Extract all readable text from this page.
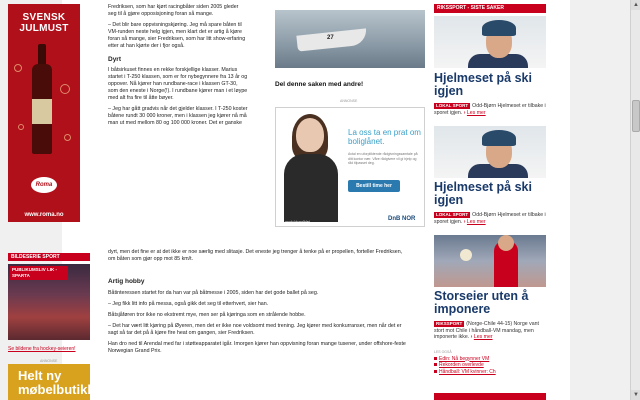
SVENSK JULMUST
Roma
www.roma.no
BILDESERIE SPORT
PUBLIKUMSLIV LIK - SPARTA
Se bildene fra hockey-seieren!
ANNONSE
Helt ny møbelbutikk!

Fredriksen, som har kjørt racingbåter siden 2005 gleder seg til å gjøre opposisjoning foran så mange.

– Det blir bare oppvisningskjøring. Jeg må spare båten til VM-runden neste helg igjen, men klart det er artig å kjøre foran så mange, sier Fredriksen, som har litt show-erfaring etter at han kjørte der i fjor også.

Dyrt

I båtsirkuset finnes en rekke forskjellige klasser. Marius startet i T-250 klassen, som er for nybegynnere fra 13 år og oppover. Nå kjører han rundbane-race i klassen GT-30, som den eneste i Norge(!). I rundbane kjører man i et løype med alt fra fire til åtte bøyer.

– Jeg har gått gradvis når det gjelder klasser. I T-250 koster båtene rundt 30 000 kroner, men i klassen jeg kjører nå må man ut med mellom 80 og 100 000 kroner. Det er ganske

dyrt, men det fine er at det ikke er noe særlig med slitasje. Det eneste jeg trenger å tenke på er propellen, forteller Fredriksen, om båten som gjør opp mot 85 km/t.
Artig hobby

Båtinteressen startet for da han var på båtmesse i 2005, siden har det gode ballet på seg.

– Jeg fikk litt info på messa, også gikk det seg til etterhvert, sier han.

Båtsjåføren tror ikke no ekstremt mye, men ser på kjøringa som en strålende hobbe.

– Det har vært litt kjøring på Øyeren, men det er ikke noe voldsomt med trening. Jeg kjører med konkurranser, men når det er sagt så tar det på å kjøre fire heat om gangen, sier Fredriksen.

Han dro ned til Arendal med far i støtteapparatet igår. Imorgen kjører han oppvisning foran mange tusener, under offshore-feste Norwegian Grand Prix.

27
Del denne saken med andre!
ANNONSE
La oss ta en prat om boliglånet.
Avtal en uforpliktende rådgivningssamtale på ditt kontor nær. Våre rådgivere vil gi hjelp og råd tilpasset deg.
Bestill time her
Se produktområdet	DnB NOR
RIKSSPORT - SISTE SAKER
Hjelmeset på ski igjen
LOKAL SPORT Odd-Bjørn Hjelmeset er tilbake i sporet igjen. › Les mer
Hjelmeset på ski igjen
LOKAL SPORT Odd-Bjørn Hjelmeset er tilbake i sporet igjen. › Les mer
Storseier uten å imponere
RIKSSPORT (Norge-Chile 44-15) Norge vant stort mot Chile i håndball-VM mandag, men imponerte ikke. › Les mer
LES OGSÅ
Edin: Nå begynner VM
Rekorden overlevde
Håndball: VM kvinner: Ch
▲
▼
